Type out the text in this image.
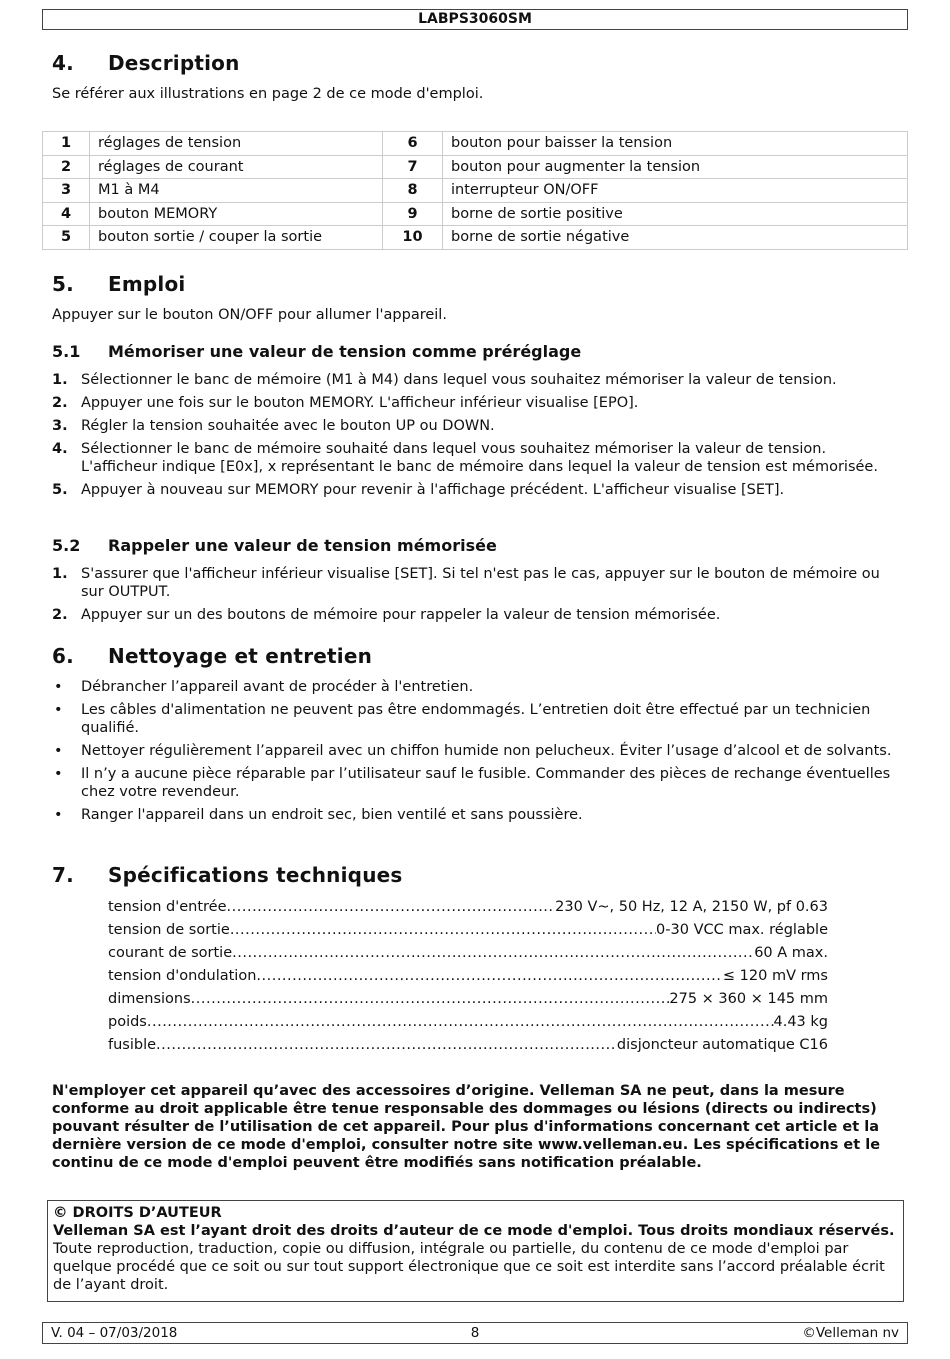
LABPS3060SM
4. Description
Se référer aux illustrations en page 2 de ce mode d'emploi.
1	réglages de tension	6	bouton pour baisser la tension
2	réglages de courant	7	bouton pour augmenter la tension
3	M1 à M4	8	interrupteur ON/OFF
4	bouton MEMORY	9	borne de sortie positive
5	bouton sortie / couper la sortie	10	borne de sortie négative
5. Emploi
Appuyer sur le bouton ON/OFF pour allumer l'appareil.
5.1 Mémoriser une valeur de tension comme préréglage
1. Sélectionner le banc de mémoire (M1 à M4) dans lequel vous souhaitez mémoriser la valeur de tension.
2. Appuyer une fois sur le bouton MEMORY. L'afficheur inférieur visualise [EPO].
3. Régler la tension souhaitée avec le bouton UP ou DOWN.
4. Sélectionner le banc de mémoire souhaité dans lequel vous souhaitez mémoriser la valeur de tension. L'afficheur indique [E0x], x représentant le banc de mémoire dans lequel la valeur de tension est mémorisée.
5. Appuyer à nouveau sur MEMORY pour revenir à l'affichage précédent. L'afficheur visualise [SET].
5.2 Rappeler une valeur de tension mémorisée
1. S'assurer que l'afficheur inférieur visualise [SET]. Si tel n'est pas le cas, appuyer sur le bouton de mémoire ou sur OUTPUT.
2. Appuyer sur un des boutons de mémoire pour rappeler la valeur de tension mémorisée.
6. Nettoyage et entretien
• Débrancher l’appareil avant de procéder à l'entretien.
• Les câbles d'alimentation ne peuvent pas être endommagés. L’entretien doit être effectué par un technicien qualifié.
• Nettoyer régulièrement l’appareil avec un chiffon humide non pelucheux. Éviter l’usage d’alcool et de solvants.
• Il n’y a aucune pièce réparable par l’utilisateur sauf le fusible. Commander des pièces de rechange éventuelles chez votre revendeur.
• Ranger l'appareil dans un endroit sec, bien ventilé et sans poussière.
7. Spécifications techniques
tension d'entrée .....	230 V~, 50 Hz, 12 A, 2150 W, pf 0.63
tension de sortie .....	0-30 VCC max. réglable
courant de sortie .....	60 A max.
tension d'ondulation .....	≤ 120 mV rms
dimensions .....	275 × 360 × 145 mm
poids .....	4.43 kg
fusible .....	disjoncteur automatique C16
N'employer cet appareil qu’avec des accessoires d’origine. Velleman SA ne peut, dans la mesure conforme au droit applicable être tenue responsable des dommages ou lésions (directs ou indirects) pouvant résulter de l’utilisation de cet appareil. Pour plus d'informations concernant cet article et la dernière version de ce mode d'emploi, consulter notre site www.velleman.eu. Les spécifications et le continu de ce mode d'emploi peuvent être modifiés sans notification préalable.
© DROITS D’AUTEUR
Velleman SA est l’ayant droit des droits d’auteur de ce mode d'emploi. Tous droits mondiaux réservés. Toute reproduction, traduction, copie ou diffusion, intégrale ou partielle, du contenu de ce mode d'emploi par quelque procédé que ce soit ou sur tout support électronique que ce soit est interdite sans l’accord préalable écrit de l’ayant droit.
8
V. 04 – 07/03/2018	©Velleman nv
